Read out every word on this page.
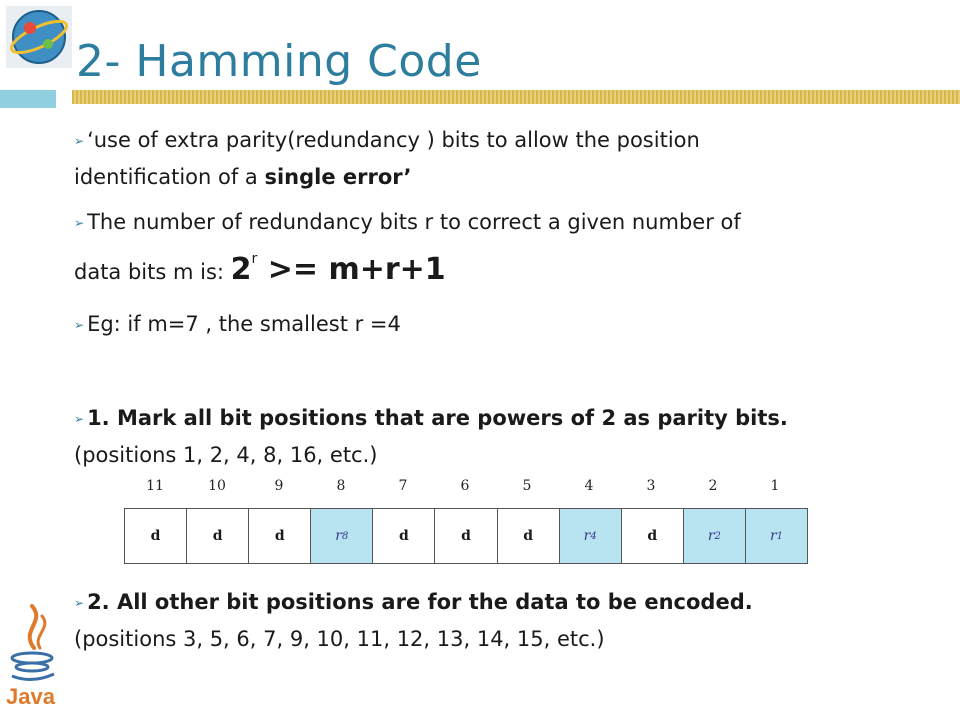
2- Hamming Code
➢ ‘use of extra parity(redundancy ) bits to allow the position
identification of a single error’
➢ The number of redundancy bits r to correct a given number of
data bits m is: $2^r >= m+r+1$
➢ Eg: if m=7 , the smallest r =4
➢ 1. Mark all bit positions that are powers of 2 as parity bits.
(positions 1, 2, 4, 8, 16, etc.)
➢ 2. All other bit positions are for the data to be encoded.
(positions 3, 5, 6, 7, 9, 10, 11, 12, 13, 14, 15, etc.)
11	10	9	8	7	6	5	4	3	2	1
d	d	d	r 8	d	d	d	r 4	d	r 2	r 1
Java
